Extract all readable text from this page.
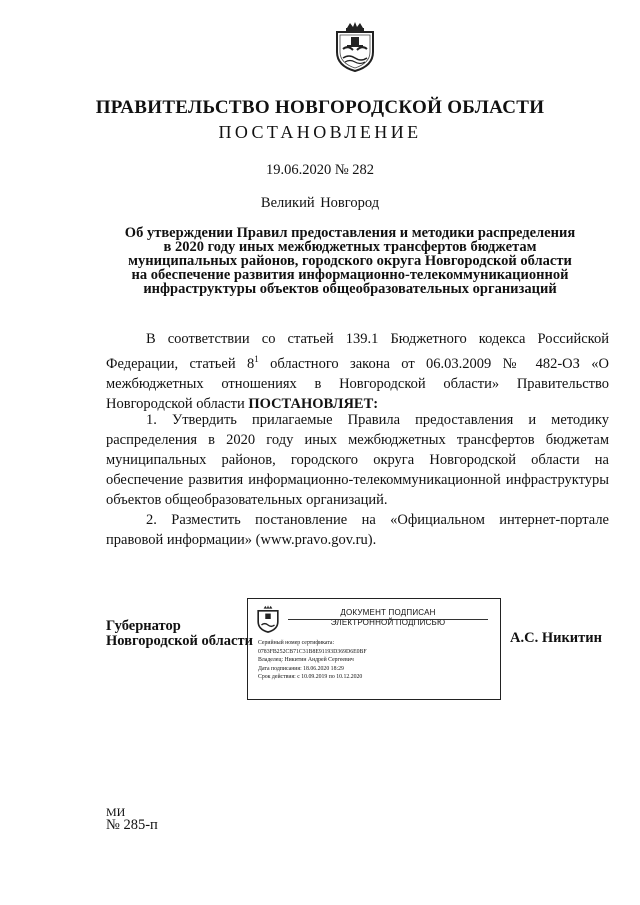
ПРАВИТЕЛЬСТВО НОВГОРОДСКОЙ ОБЛАСТИ
ПОСТАНОВЛЕНИЕ
19.06.2020 № 282
Великий Новгород
Об утверждении Правил предоставления и методики распределения
в 2020 году иных межбюджетных трансфертов бюджетам
муниципальных районов, городского округа Новгородской области
на обеспечение развития информационно-телекоммуникационной
инфраструктуры объектов общеобразовательных организаций
В соответствии со статьей 139.1 Бюджетного кодекса Российской Федерации, статьей $8^1$ областного закона от 06.03.2009 № 482-ОЗ «О межбюджетных отношениях в Новгородской области» Правительство Новгородской области ПОСТАНОВЛЯЕТ:
1. Утвердить прилагаемые Правила предоставления и методику распределения в 2020 году иных межбюджетных трансфертов бюджетам муниципальных районов, городского округа Новгородской области на обеспечение развития информационно-телекоммуникационной инфраструктуры объектов общеобразовательных организаций.
2. Разместить постановление на «Официальном интернет-портале правовой информации» (www.pravo.gov.ru).
Губернатор
Новгородской области
ДОКУМЕНТ ПОДПИСАН
ЭЛЕКТРОННОЙ ПОДПИСЬЮ
Серийный номер сертификата:
0783FB252CB71C31B8E91193D369D6E0BF
Владелец: Никитин Андрей Сергеевич
Дата подписания: 18.06.2020 18:29
Срок действия: с 10.09.2019 по 10.12.2020
А.С. Никитин
МИ
№ 285-п
